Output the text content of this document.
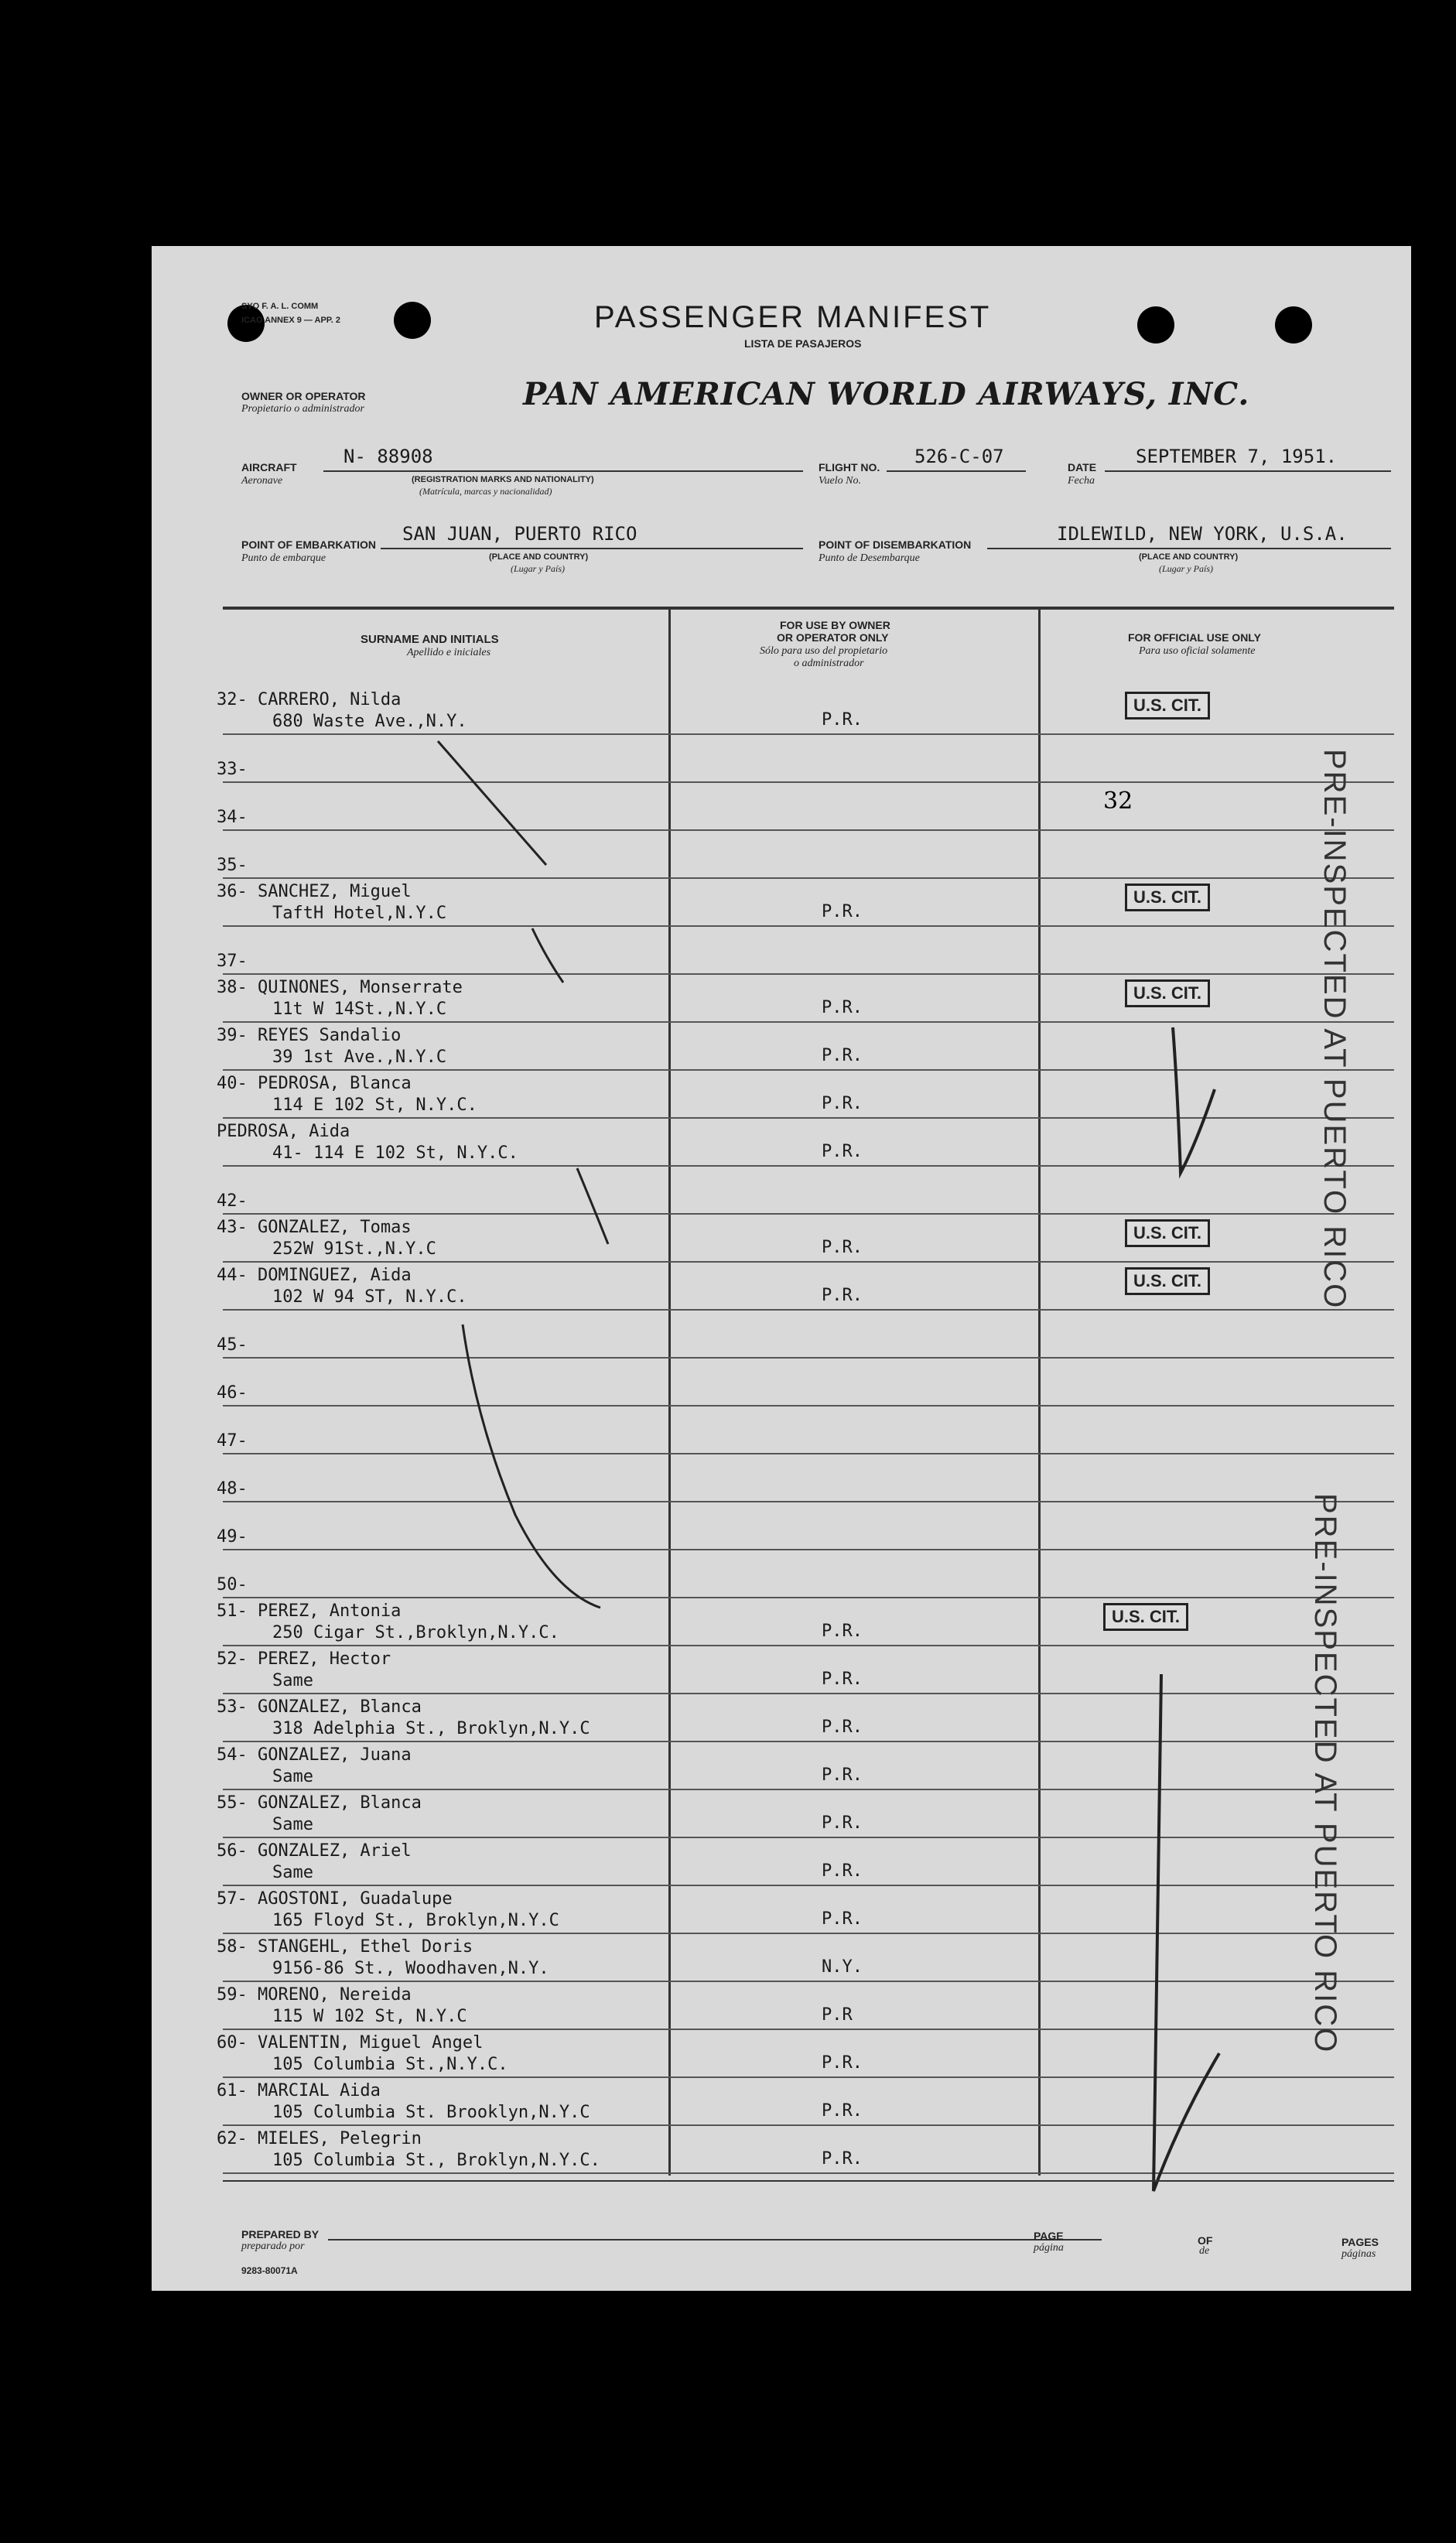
SYO F. A. L. COMM
ICAO ANNEX 9 — APP. 2	PASSENGER MANIFEST
LISTA DE PASAJEROS
OWNER OR OPERATOR
Propietario o administrador	PAN AMERICAN WORLD AIRWAYS, INC.
AIRCRAFT
Aeronave
N- 88908
(REGISTRATION MARKS AND NATIONALITY)
(Matrícula, marcas y nacionalidad)
FLIGHT NO.
Vuelo No.
526-C-07	DATE
Fecha
SEPTEMBER 7, 1951.
POINT OF EMBARKATION
Punto de embarque
SAN JUAN, PUERTO RICO
(PLACE AND COUNTRY)
(Lugar y País)
POINT OF DISEMBARKATION
Punto de Desembarque
IDLEWILD, NEW YORK, U.S.A.
(PLACE AND COUNTRY)
(Lugar y País)
SURNAME AND INITIALS
Apellido e iniciales
FOR USE BY OWNER
OR OPERATOR ONLY
Sólo para uso del propietario
o administrador
FOR OFFICIAL USE ONLY
Para uso oficial solamente
32- CARRERO, Nilda
680 Waste Ave.,N.Y.	P.R.
U.S. CIT.
33-
34-
32
35-
36- SANCHEZ, Miguel
TaftH Hotel,N.Y.C	P.R.
U.S. CIT.
37-
38- QUINONES, Monserrate
11t W 14St.,N.Y.C	P.R.
U.S. CIT.
39- REYES Sandalio
39 1st Ave.,N.Y.C	P.R.
40- PEDROSA, Blanca
114 E 102 St, N.Y.C.	P.R.
PEDROSA, Aida
41- 114 E 102 St, N.Y.C.	P.R.
42-
43- GONZALEZ, Tomas
252W 91St.,N.Y.C	P.R.
U.S. CIT.
44- DOMINGUEZ, Aida
102 W 94 ST, N.Y.C.	P.R.
U.S. CIT.
45-
46-
47-
48-
49-
50-
51- PEREZ, Antonia
250 Cigar St.,Broklyn,N.Y.C.	P.R.
U.S. CIT.
52- PEREZ, Hector
Same	P.R.
53- GONZALEZ, Blanca
318 Adelphia St., Broklyn,N.Y.C	P.R.
54- GONZALEZ, Juana
Same	P.R.
55- GONZALEZ, Blanca
Same	P.R.
56- GONZALEZ, Ariel
Same	P.R.
57- AGOSTONI, Guadalupe
165 Floyd St., Broklyn,N.Y.C	P.R.
58- STANGEHL, Ethel Doris
9156-86 St., Woodhaven,N.Y.	N.Y.
59- MORENO, Nereida
115 W 102 St, N.Y.C	P.R
60- VALENTIN, Miguel Angel
105 Columbia St.,N.Y.C.	P.R.
61- MARCIAL Aida
105 Columbia St. Brooklyn,N.Y.C	P.R.
62- MIELES, Pelegrin
105 Columbia St., Broklyn,N.Y.C.	P.R.
PRE-INSPECTED AT PUERTO RICO
PRE-INSPECTED AT PUERTO RICO
PREPARED BY
preparado por
PAGE
página
OF
de
PAGES
páginas
9283-80071A
